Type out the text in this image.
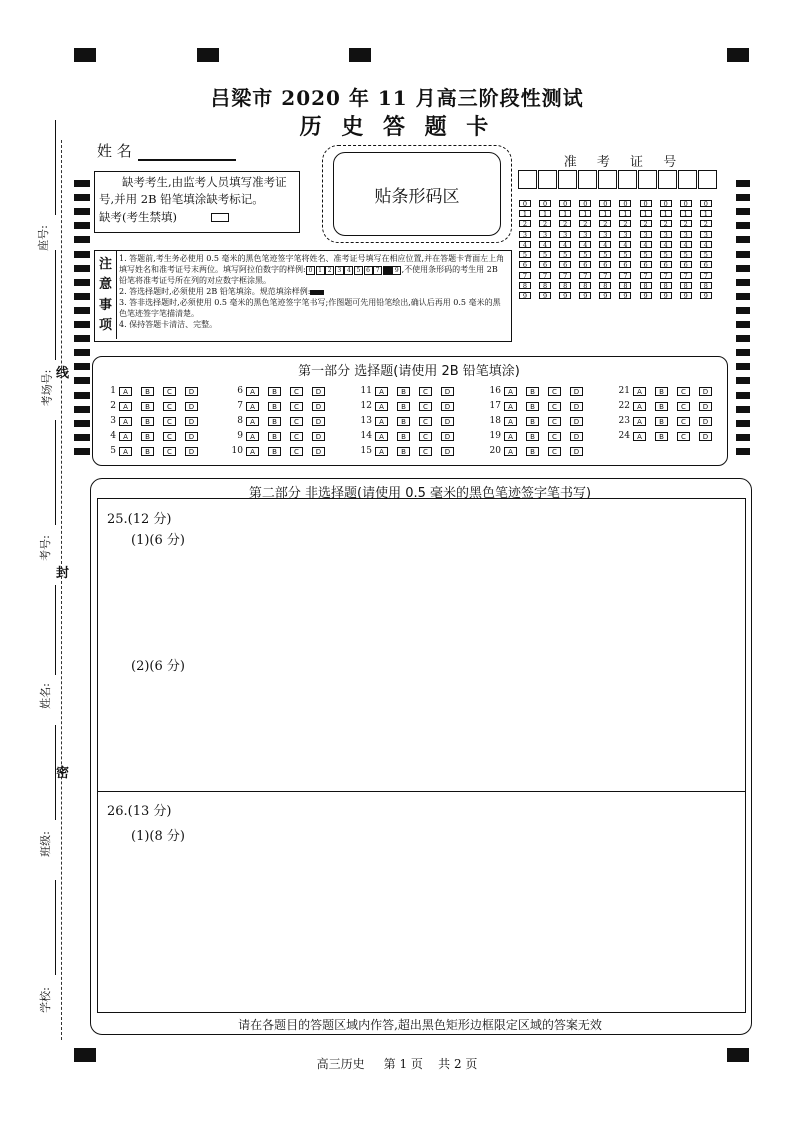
座号:
考场号: 线
考号:
封
姓名:
密
班级:
学校:
吕梁市 2020 年 11 月高三阶段性测试
历 史 答 题 卡
姓 名
缺考考生,由监考人员填写准考证号,并用 2B 铅笔填涂缺考标记。
缺考(考生禁填)
贴条形码区
准 考 证 号
0	0	0	0	0	0	0	0	0	0
1	1	1	1	1	1	1	1	1	1
2	2	2	2	2	2	2	2	2	2
3	3	3	3	3	3	3	3	3	3
4	4	4	4	4	4	4	4	4	4
5	5	5	5	5	5	5	5	5	5
6	6	6	6	6	6	6	6	6	6
7	7	7	7	7	7	7	7	7	7
8	8	8	8	8	8	8	8	8	8
9	9	9	9	9	9	9	9	9	9
注
意
事
项
1. 答题前,考生务必使用 0.5 毫米的黑色笔迹签字笔将姓名、准考证号填写在相应位置,并在答题卡背面左上角填写姓名和准考证号末两位。填写阿拉伯数字的样例: 0 1 2 3 4 5 6 7 8 9 ,不使用条形码的考生用 2B 铅笔将准考证号所在列的对应数字框涂黑。
2. 答选择题时,必须使用 2B 铅笔填涂。规范填涂样例:
3. 答非选择题时,必须使用 0.5 毫米的黑色笔迹签字笔书写;作图题可先用铅笔绘出,确认后再用 0.5 毫米的黑色笔迹签字笔描清楚。
4. 保持答题卡清洁、完整。
第一部分 选择题(请使用 2B 铅笔填涂)
1	A	B	C	D
2	A	B	C	D
3	A	B	C	D
4	A	B	C	D
5	A	B	C	D
6	A	B	C	D
7	A	B	C	D
8	A	B	C	D
9	A	B	C	D
10	A	B	C	D
11	A	B	C	D
12	A	B	C	D
13	A	B	C	D
14	A	B	C	D
15	A	B	C	D
16	A	B	C	D
17	A	B	C	D
18	A	B	C	D
19	A	B	C	D
20	A	B	C	D
21	A	B	C	D
22	A	B	C	D
23	A	B	C	D
24	A	B	C	D
第二部分 非选择题(请使用 0.5 毫米的黑色笔迹签字笔书写)
25.(12 分)
(1)(6 分)
(2)(6 分)
26.(13 分)
(1)(8 分)
请在各题目的答题区域内作答,超出黑色矩形边框限定区域的答案无效
高三历史     第 1 页    共 2 页
